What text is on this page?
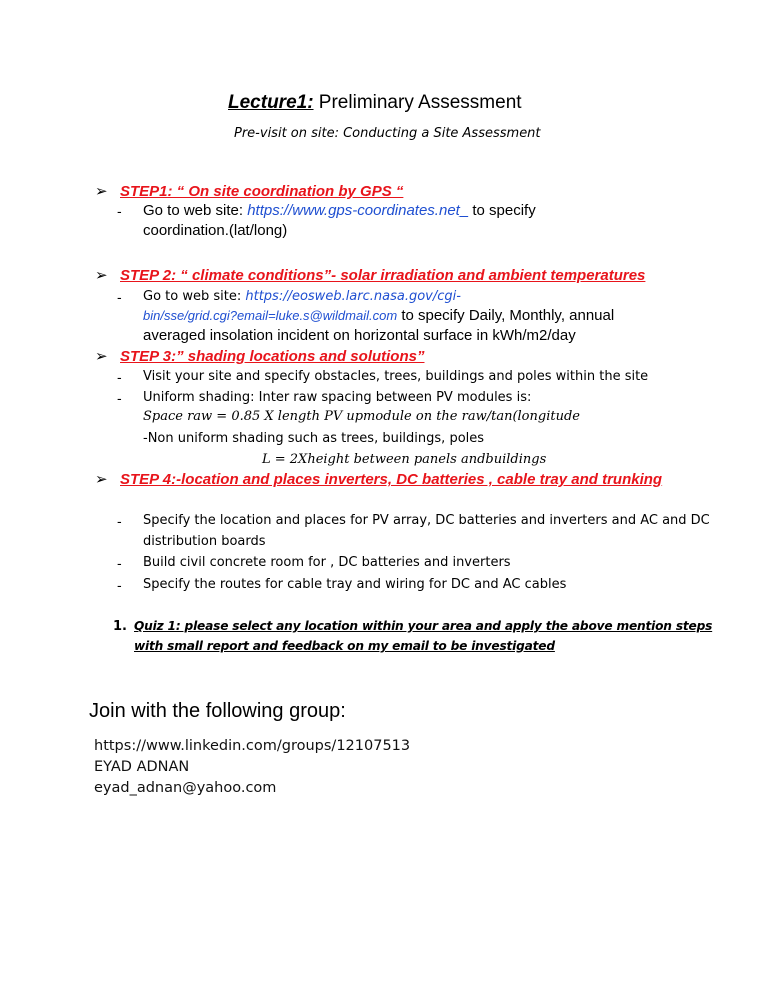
Lecture1: Preliminary Assessment
Pre-visit on site: Conducting a Site Assessment
➢ STEP1: “ On site coordination by GPS “
- Go to web site: https://www.gps-coordinates.net_ to specify
coordination.(lat/long)
➢ STEP 2: “ climate conditions”- solar irradiation and ambient temperatures
- Go to web site: https://eosweb.larc.nasa.gov/cgi-
bin/sse/grid.cgi?email=luke.s@wildmail.com to specify Daily, Monthly, annual
averaged insolation incident on horizontal surface in kWh/m2/day
➢ STEP 3:” shading locations and solutions”
- Visit your site and specify obstacles, trees, buildings and poles within the site
- Uniform shading: Inter raw spacing between PV modules is:
Space raw = 0.85 X length PV upmodule on the raw/tan(longitude
-Non uniform shading such as trees, buildings, poles
L = 2Xheight between panels andbuildings
➢ STEP 4:-location and places inverters, DC batteries , cable tray and trunking
- Specify the location and places for PV array, DC batteries and inverters and AC and DC
distribution boards
- Build civil concrete room for , DC batteries and inverters
- Specify the routes for cable tray and wiring for DC and AC cables
1. Quiz 1: please select any location within your area and apply the above mention steps
with small report and feedback on my email to be investigated
Join with the following group:
https://www.linkedin.com/groups/12107513
EYAD ADNAN
eyad_adnan@yahoo.com
